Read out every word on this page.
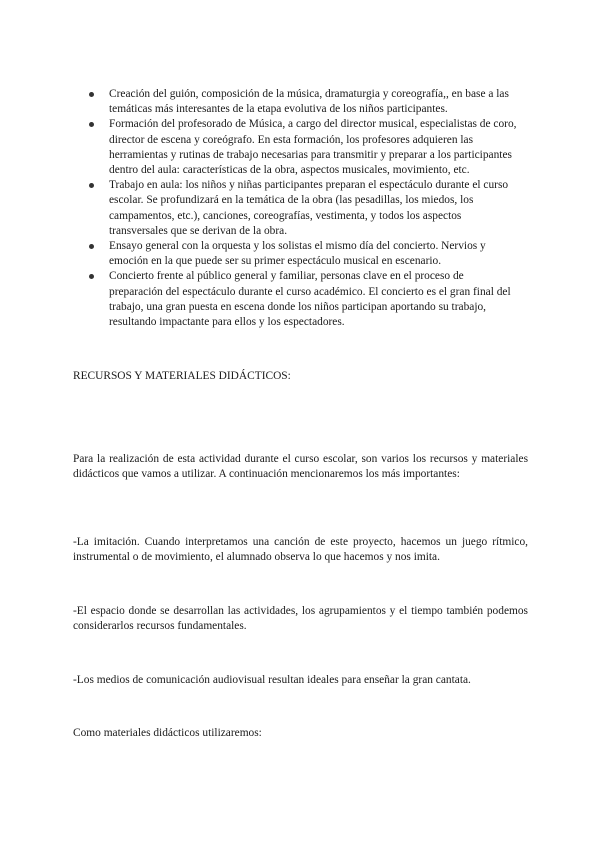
Creación del guión, composición de la música, dramaturgia y coreografía,, en base a las temáticas más interesantes de la etapa evolutiva de los niños participantes.
Formación del profesorado de Música, a cargo del director musical, especialistas de coro, director de escena y coreógrafo. En esta formación, los profesores adquieren las herramientas y rutinas de trabajo necesarias para transmitir y preparar a los participantes dentro del aula: características de la obra, aspectos musicales, movimiento, etc.
Trabajo en aula: los niños y niñas participantes preparan el espectáculo durante el curso escolar. Se profundizará en la temática de la obra (las pesadillas, los miedos, los campamentos, etc.), canciones, coreografías, vestimenta, y todos los aspectos transversales que se derivan de la obra.
Ensayo general con la orquesta y los solistas el mismo día del concierto. Nervios y emoción en la que puede ser su primer espectáculo musical en escenario.
Concierto frente al público general y familiar, personas clave en el proceso de preparación del espectáculo durante el curso académico. El concierto es el gran final del trabajo, una gran puesta en escena donde los niños participan aportando su trabajo, resultando impactante para ellos y los espectadores.

RECURSOS Y MATERIALES DIDÁCTICOS:

Para la realización de esta actividad durante el curso escolar, son varios los recursos y materiales didácticos que vamos a utilizar. A continuación mencionaremos los más importantes:

-La imitación. Cuando interpretamos una canción de este proyecto, hacemos un juego rítmico, instrumental o de movimiento, el alumnado observa lo que hacemos y nos imita.

-El espacio donde se desarrollan las actividades, los agrupamientos y el tiempo también podemos considerarlos recursos fundamentales.

-Los medios de comunicación audiovisual resultan ideales para enseñar la gran cantata.

Como materiales didácticos utilizaremos:
